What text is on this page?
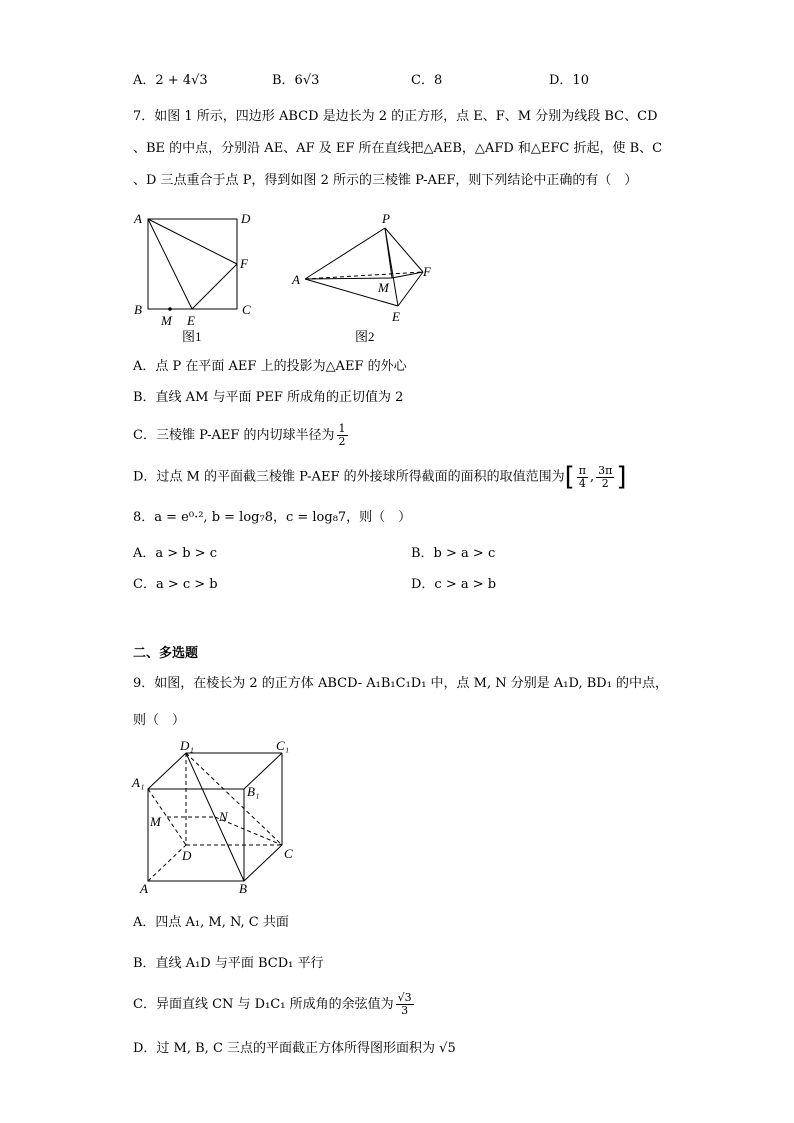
A．2 + 4√3	B．6√3	C．8	D．10
7．如图 1 所示，四边形 ABCD 是边长为 2 的正方形，点 E、F、M 分别为线段 BC、CD
、BE 的中点，分别沿 AE、AF 及 EF 所在直线把△AEB，△AFD 和△EFC 折起，使 B、C
、D 三点重合于点 P，得到如图 2 所示的三棱锥 P-AEF，则下列结论中正确的有（　）
A	D
F
B
M E
C
图1
P
A
F
M
E
图2
A．点 P 在平面 AEF 上的投影为△AEF 的外心
B．直线 AM 与平面 PEF 所成角的正切值为 2
C．三棱锥 P-AEF 的内切球半径为 $\frac{1}{2}$
D．过点 M 的平面截三棱锥 P-AEF 的外接球所得截面的面积的取值范围为[ $\frac{\pi}{4}$ , $\frac{3\pi}{2}$ ]
8．a = e⁰·², b = log₇8，c = log₈7，则（　）
A．a > b > c	B．b > a > c
C．a > c > b	D．c > a > b
二、多选题
9．如图，在棱长为 2 的正方体 ABCD- A₁B₁C₁D₁ 中，点 M, N 分别是 A₁D, BD₁ 的中点，
则（　）
D₁	C₁
A₁
B₁
M	N
D	C
A	B
A．四点 A₁, M, N, C 共面
B．直线 A₁D 与平面 BCD₁ 平行
C．异面直线 CN 与 D₁C₁ 所成角的余弦值为 $\frac{√3}{3}$
D．过 M, B, C 三点的平面截正方体所得图形面积为 √5
